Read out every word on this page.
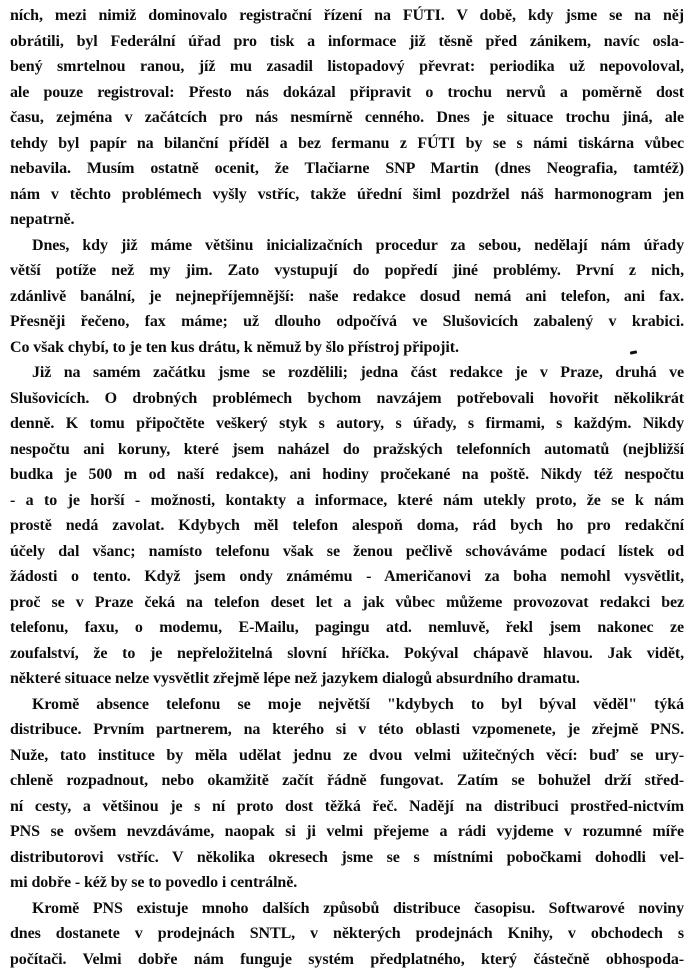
ních, mezi nimiž dominovalo registrační řízení na FÚTI. V době, kdy jsme se na něj
obrátili, byl Federální úřad pro tisk a informace již těsně před zánikem, navíc osla-
bený smrtelnou ranou, jíž mu zasadil listopadový převrat: periodika už nepovoloval,
ale pouze registroval: Přesto nás dokázal připravit o trochu nervů a poměrně dost
času, zejména v začátcích pro nás nesmírně cenného. Dnes je situace trochu jiná, ale
tehdy byl papír na bilanční příděl a bez fermanu z FÚTI by se s námi tiskárna vůbec
nebavila. Musím ostatně ocenit, že Tlačiarne SNP Martin (dnes Neografia, tamtéž)
nám v těchto problémech vyšly vstříc, takže úřední šiml pozdržel náš harmonogram jen
nepatrně.
Dnes, kdy již máme většinu inicializačních procedur za sebou, nedělají nám úřady
větší potíže než my jim. Zato vystupují do popředí jiné problémy. První z nich,
zdánlivě banální, je nejnepříjemnější: naše redakce dosud nemá ani telefon, ani fax.
Přesněji řečeno, fax máme; už dlouho odpočívá ve Slušovicích zabalený v krabici.
Co však chybí, to je ten kus drátu, k němuž by šlo přístroj připojit.
Již na samém začátku jsme se rozdělili; jedna část redakce je v Praze, druhá ve
Slušovicích. O drobných problémech bychom navzájem potřebovali hovořit několikrát
denně. K tomu připočtěte veškerý styk s autory, s úřady, s firmami, s každým. Nikdy
nespočtu ani koruny, které jsem naházel do pražských telefonních automatů (nejbližší
budka je 500 m od naší redakce), ani hodiny pročekané na poště. Nikdy též nespočtu
- a to je horší - možnosti, kontakty a informace, které nám utekly proto, že se k nám
prostě nedá zavolat. Kdybych měl telefon alespoň doma, rád bych ho pro redakční
účely dal všanc; namísto telefonu však se ženou pečlivě schováváme podací lístek od
žádosti o tento. Když jsem ondy známému - Američanovi za boha nemohl vysvětlit,
proč se v Praze čeká na telefon deset let a jak vůbec můžeme provozovat redakci bez
telefonu, faxu, o modemu, E-Mailu, pagingu atd. nemluvě, řekl jsem nakonec ze
zoufalství, že to je nepřeložitelná slovní hříčka. Pokýval chápavě hlavou. Jak vidět,
některé situace nelze vysvětlit zřejmě lépe než jazykem dialogů absurdního dramatu.
Kromě absence telefonu se moje největší "kdybych to byl býval věděl" týká
distribuce. Prvním partnerem, na kterého si v této oblasti vzpomenete, je zřejmě PNS.
Nuže, tato instituce by měla udělat jednu ze dvou velmi užitečných věcí: buď se ury-
chleně rozpadnout, nebo okamžitě začít řádně fungovat. Zatím se bohužel drží střed-
ní cesty, a většinou je s ní proto dost těžká řeč. Nadějí na distribuci prostřed-nictvím
PNS se ovšem nevzdáváme, naopak si ji velmi přejeme a rádi vyjdeme v rozumné míře
distributorovi vstříc. V několika okresech jsme se s místními pobočkami dohodli vel-
mi dobře - kéž by se to povedlo i centrálně.
Kromě PNS existuje mnoho dalších způsobů distribuce časopisu. Softwarové noviny
dnes dostanete v prodejnách SNTL, v některých prodejnách Knihy, v obchodech s
počítači. Velmi dobře nám funguje systém předplatného, který částečně obhospoda-
